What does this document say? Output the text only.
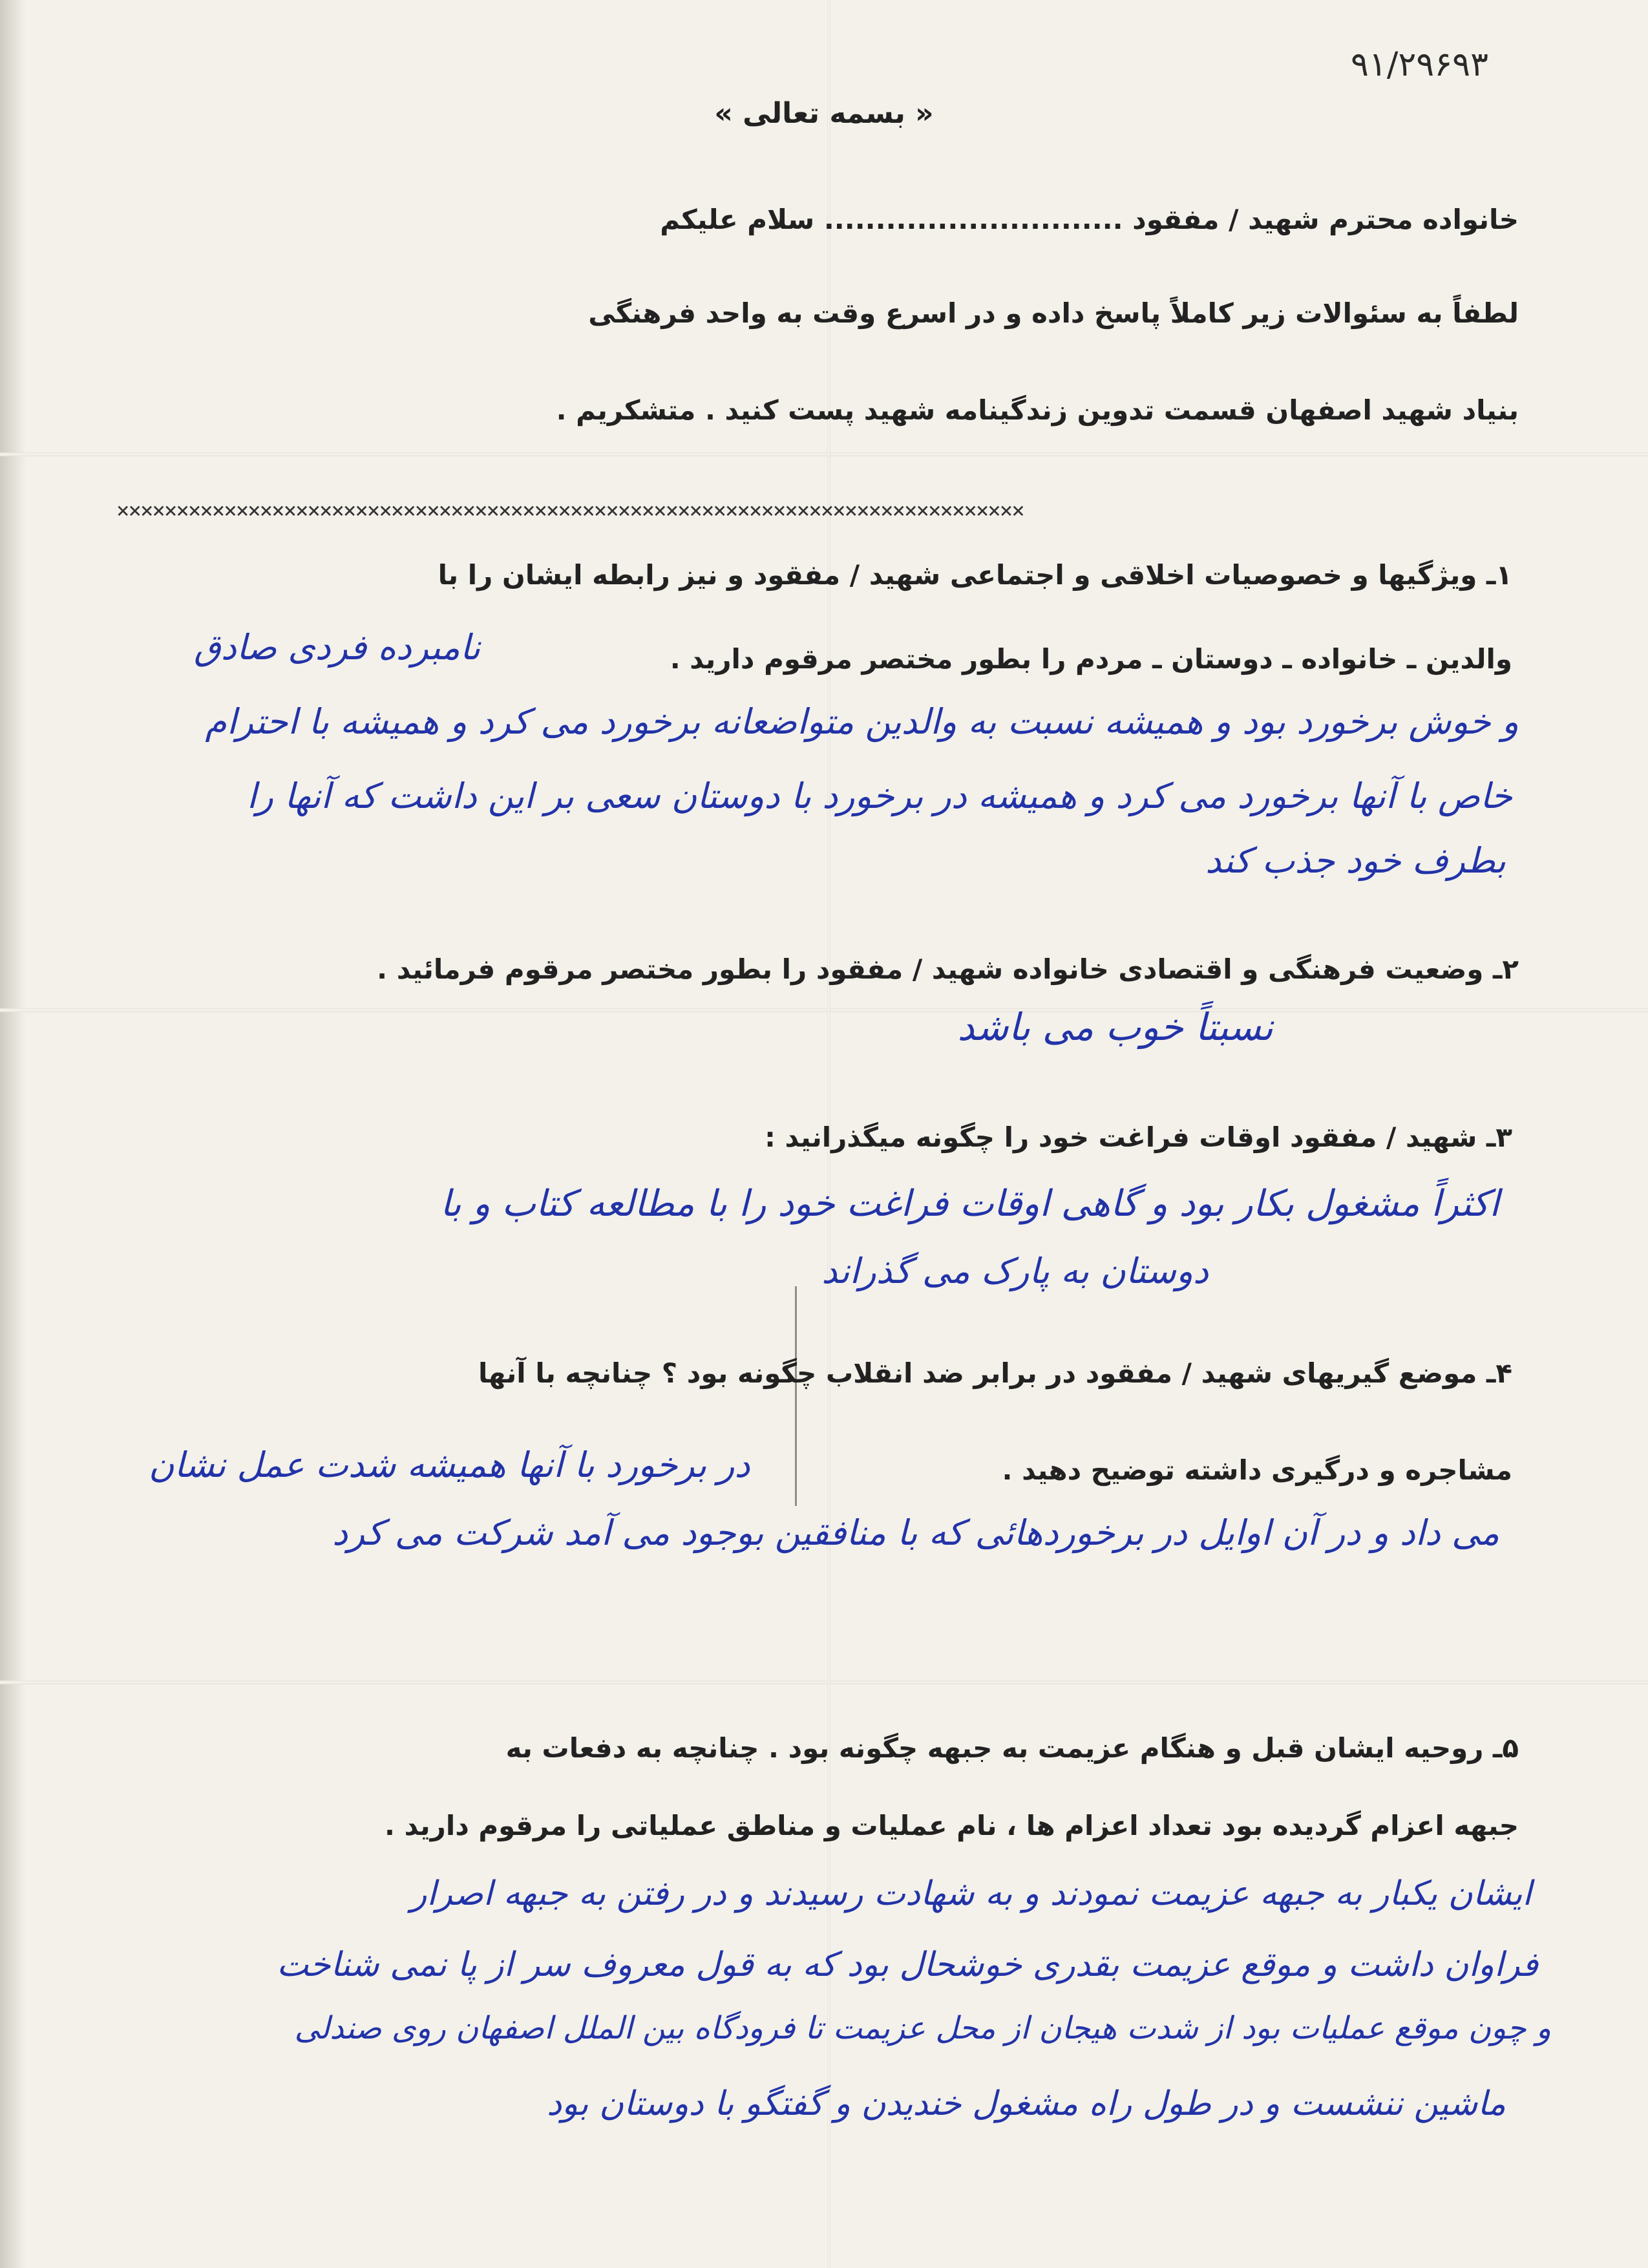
۹۱/۲۹۶۹۳
« بسمه تعالی »
خانواده محترم شهید / مفقود ............................. سلام علیکم
لطفاً به سئوالات زیر کاملاً پاسخ داده و در اسرع وقت به واحد فرهنگی
بنیاد شهید اصفهان قسمت تدوین زندگینامه شهید پست کنید . متشکریم .
××××××××××××××××××××××××××××××××××××××××××××××××××××××××××××××××××××××××××××
۱ـ ویژگیها و خصوصیات اخلاقی و اجتماعی شهید / مفقود و نیز رابطه ایشان را با
والدین ـ خانواده ـ دوستان ـ مردم را بطور مختصر مرقوم دارید .
نامبرده فردی صادق
و خوش برخورد بود و همیشه نسبت به والدین متواضعانه برخورد می کرد و همیشه با احترام
خاص با آنها برخورد می کرد و همیشه در برخورد با دوستان سعی بر این داشت که آنها را
بطرف خود جذب کند
۲ـ وضعیت فرهنگی و اقتصادی خانواده شهید / مفقود را بطور مختصر مرقوم فرمائید .
نسبتاً خوب می باشد
۳ـ شهید / مفقود اوقات فراغت خود را چگونه میگذرانید :
اکثراً مشغول بکار بود و گاهی اوقات فراغت خود را با مطالعه کتاب و با
دوستان به پارک می گذراند
۴ـ موضع گیریهای شهید / مفقود در برابر ضد انقلاب چگونه بود ؟ چنانچه با آنها
مشاجره و درگیری داشته توضیح دهید .
در برخورد با آنها همیشه شدت عمل نشان
می داد و در آن اوایل در برخوردهائی که با منافقین بوجود می آمد شرکت می کرد
۵ـ روحیه ایشان قبل و هنگام عزیمت به جبهه چگونه بود . چنانچه به دفعات به
جبهه اعزام گردیده بود تعداد اعزام ها ، نام عملیات و مناطق عملیاتی را مرقوم دارید .
ایشان یکبار به جبهه عزیمت نمودند و به شهادت رسیدند و در رفتن به جبهه اصرار
فراوان داشت و موقع عزیمت بقدری خوشحال بود که به قول معروف سر از پا نمی شناخت
و چون موقع عملیات بود از شدت هیجان از محل عزیمت تا فرودگاه بین الملل اصفهان روی صندلی
ماشین ننشست و در طول راه مشغول خندیدن و گفتگو با دوستان بود
